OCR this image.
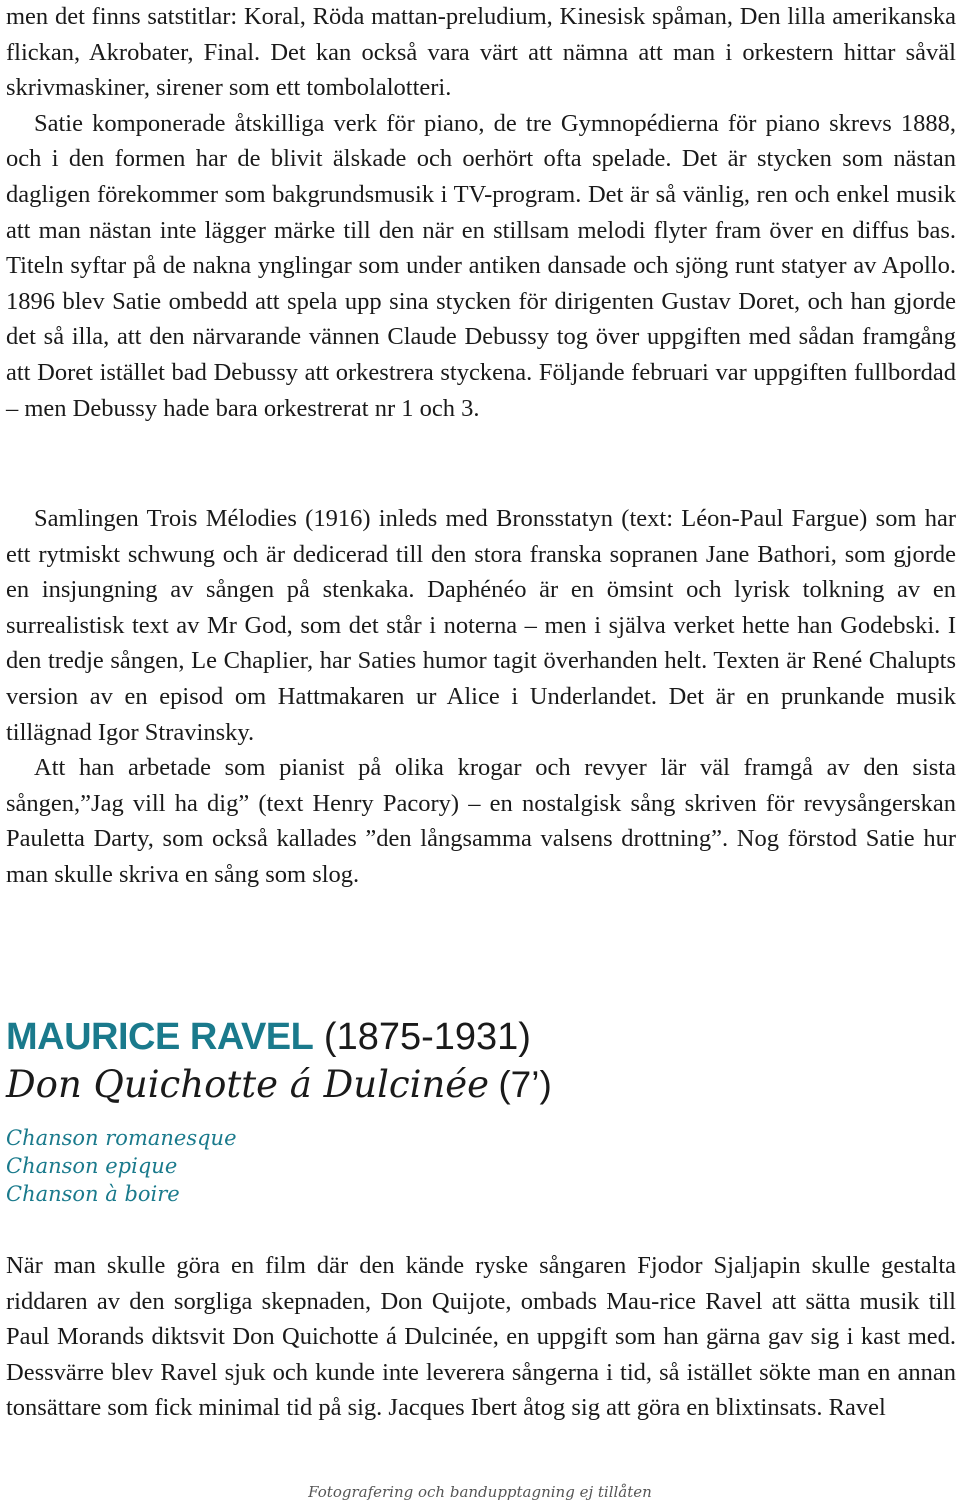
men det finns satstitlar: Koral, Röda mattan-preludium, Kinesisk spåman, Den lilla amerikanska flickan, Akrobater, Final. Det kan också vara värt att nämna att man i orkestern hittar såväl skrivmaskiner, sirener som ett tombolalotteri.

Satie komponerade åtskilliga verk för piano, de tre Gymnopédierna för piano skrevs 1888, och i den formen har de blivit älskade och oerhört ofta spelade. Det är stycken som nästan dagligen förekommer som bakgrundsmusik i TV-program. Det är så vänlig, ren och enkel musik att man nästan inte lägger märke till den när en stillsam melodi flyter fram över en diffus bas. Titeln syftar på de nakna ynglingar som under antiken dansade och sjöng runt statyer av Apollo. 1896 blev Satie ombedd att spela upp sina stycken för dirigenten Gustav Doret, och han gjorde det så illa, att den närvarande vännen Claude Debussy tog över uppgiften med sådan framgång att Doret istället bad Debussy att orkestrera styckena. Följande februari var uppgiften fullbordad – men Debussy hade bara orkestrerat nr 1 och 3.

Samlingen Trois Mélodies (1916) inleds med Bronsstatyn (text: Léon-Paul Fargue) som har ett rytmiskt schwung och är dedicerad till den stora franska sopranen Jane Bathori, som gjorde en insjungning av sången på stenkaka. Daphénéo är en ömsint och lyrisk tolkning av en surrealistisk text av Mr God, som det står i noterna – men i själva verket hette han Godebski. I den tredje sången, Le Chaplier, har Saties humor tagit överhanden helt. Texten är René Chalupts version av en episod om Hattmakaren ur Alice i Underlandet. Det är en prunkande musik tillägnad Igor Stravinsky.

Att han arbetade som pianist på olika krogar och revyer lär väl framgå av den sista sången,”Jag vill ha dig” (text Henry Pacory) – en nostalgisk sång skriven för revysångerskan Pauletta Darty, som också kallades ”den långsamma valsens drottning”. Nog förstod Satie hur man skulle skriva en sång som slog.

MAURICE RAVEL (1875-1931)
Don Quichotte á Dulcinée (7’)
Chanson romanesque
Chanson epique
Chanson à boire

När man skulle göra en film där den kände ryske sångaren Fjodor Sjaljapin skulle gestalta riddaren av den sorgliga skepnaden, Don Quijote, ombads Mau-rice Ravel att sätta musik till Paul Morands diktsvit Don Quichotte á Dulcinée, en uppgift som han gärna gav sig i kast med. Dessvärre blev Ravel sjuk och kunde inte leverera sångerna i tid, så istället sökte man en annan tonsättare som fick minimal tid på sig. Jacques Ibert åtog sig att göra en blixtinsats. Ravel

Fotografering och bandupptagning ej tillåten
